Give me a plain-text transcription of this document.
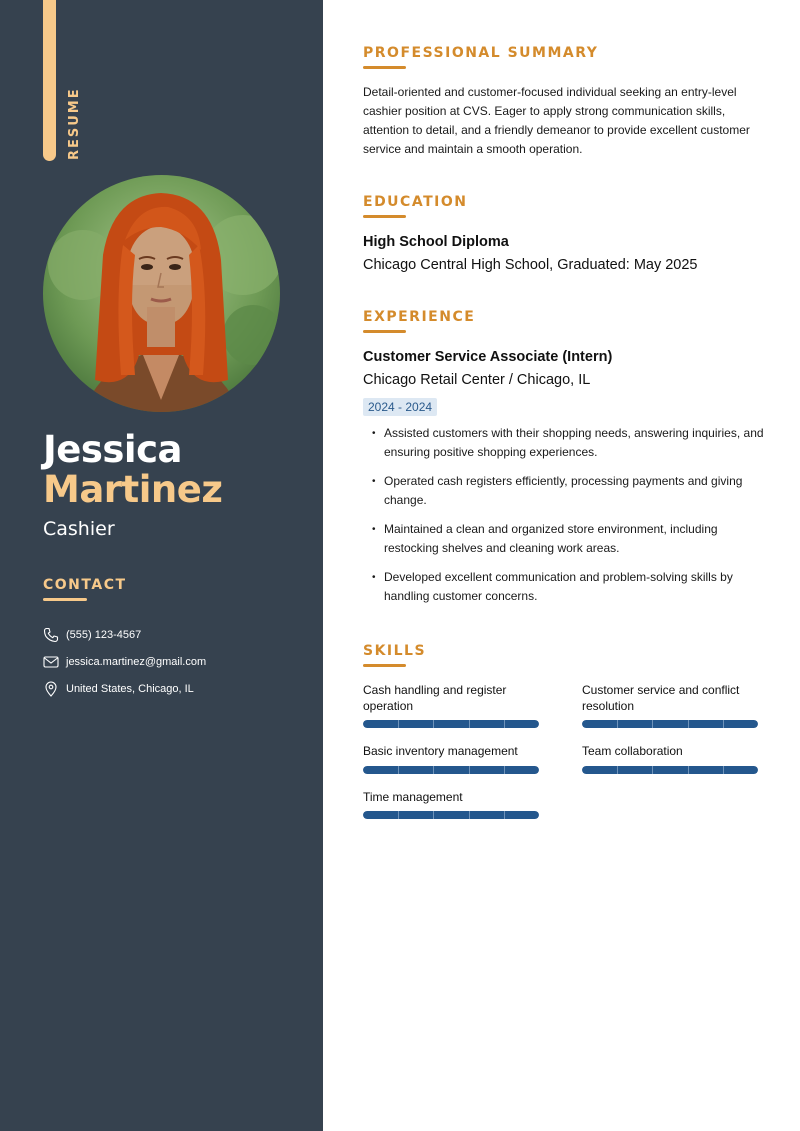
RESUME
Jessica
Martinez
Cashier
CONTACT
(555) 123-4567
jessica.martinez@gmail.com
United States, Chicago, IL
PROFESSIONAL SUMMARY

Detail-oriented and customer-focused individual seeking an entry-level cashier position at CVS. Eager to apply strong communication skills, attention to detail, and a friendly demeanor to provide excellent customer service and maintain a smooth operation.

EDUCATION
High School Diploma
Chicago Central High School, Graduated: May 2025
EXPERIENCE
Customer Service Associate (Intern)
Chicago Retail Center / Chicago, IL
2024 - 2024
• Assisted customers with their shopping needs, answering inquiries, and ensuring positive shopping experiences.
• Operated cash registers efficiently, processing payments and giving change.
• Maintained a clean and organized store environment, including restocking shelves and cleaning work areas.
• Developed excellent communication and problem-solving skills by handling customer concerns.
SKILLS
Cash handling and register operation
Customer service and conflict resolution
Basic inventory management	Team collaboration
Time management
